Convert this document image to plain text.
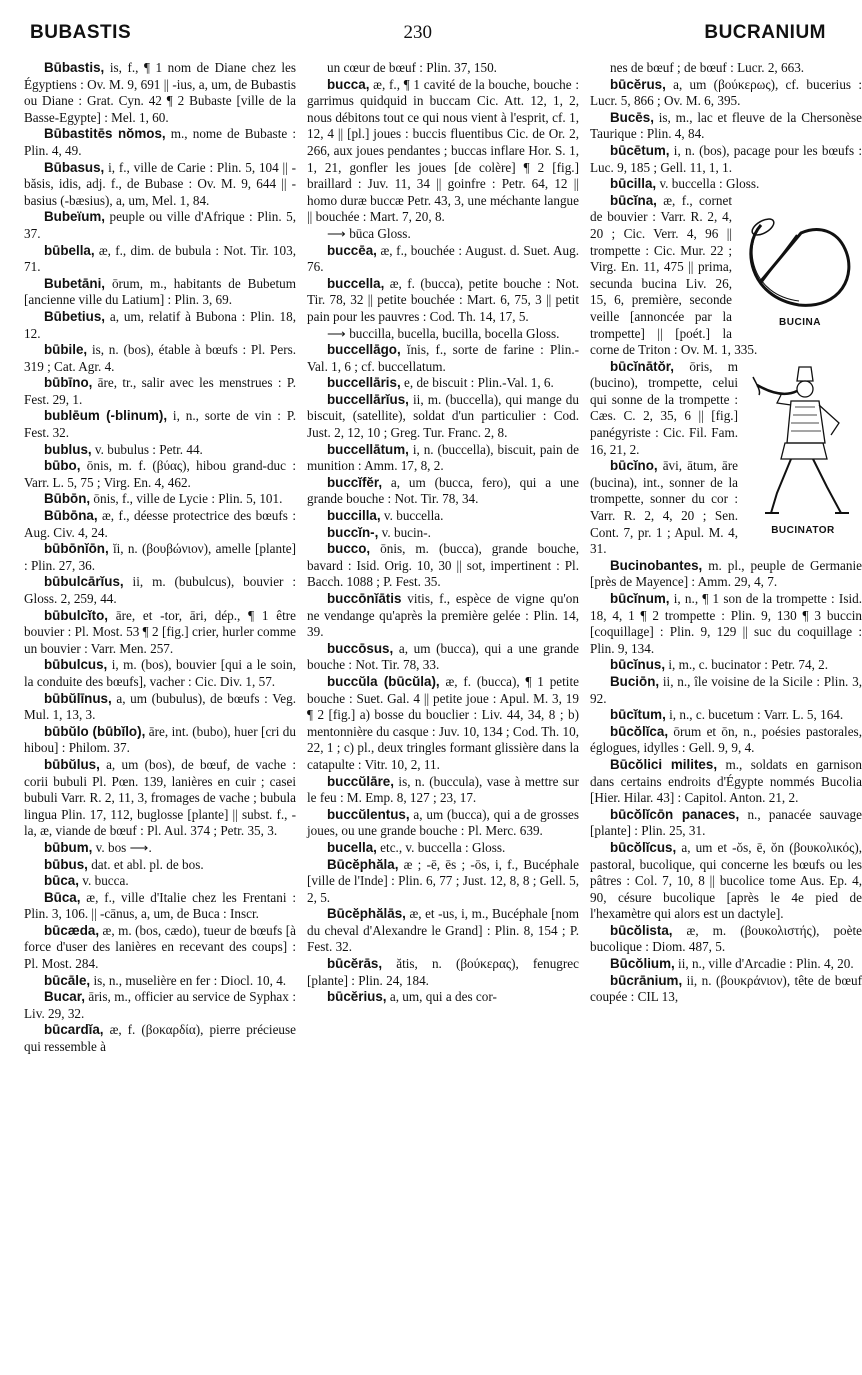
BUBASTIS	230	BUCRANIUM

Būbastis, is, f., ¶ 1 nom de Diane chez les Égyptiens : Ov. M. 9, 691 || -ius, a, um, de Bubastis ou Diane : Grat. Cyn. 42 ¶ 2 Bubaste [ville de la Basse-Egypte] : Mel. 1, 60.

Būbastitēs nŏmos, m., nome de Bubaste : Plin. 4, 49.

Būbasus, i, f., ville de Carie : Plin. 5, 104 || -băsis, idis, adj. f., de Bubase : Ov. M. 9, 644 || -basius (-bæsius), a, um, Mel. 1, 84.

Bubeïum, peuple ou ville d'Afrique : Plin. 5, 37.

būbella, æ, f., dim. de bubula : Not. Tir. 103, 71.

Bubetāni, ōrum, m., habitants de Bubetum [ancienne ville du Latium] : Plin. 3, 69.

Būbetius, a, um, relatif à Bubona : Plin. 18, 12.

būbile, is, n. (bos), étable à bœufs : Pl. Pers. 319 ; Cat. Agr. 4.

būbīno, āre, tr., salir avec les menstrues : P. Fest. 29, 1.

bublēum (-blinum), i, n., sorte de vin : P. Fest. 32.

bublus, v. bubulus : Petr. 44.

būbo, ōnis, m. f. (βύας), hibou grand-duc : Varr. L. 5, 75 ; Virg. En. 4, 462.

Būbōn, ōnis, f., ville de Lycie : Plin. 5, 101.

Būbōna, æ, f., déesse protectrice des bœufs : Aug. Civ. 4, 24.

būbōnĭōn, ĭi, n. (βουβώνιον), amelle [plante] : Plin. 27, 36.

būbulcārĭus, ii, m. (bubulcus), bouvier : Gloss. 2, 259, 44.

būbulcĭto, āre, et -tor, āri, dép., ¶ 1 être bouvier : Pl. Most. 53 ¶ 2 [fig.] crier, hurler comme un bouvier : Varr. Men. 257.

būbulcus, i, m. (bos), bouvier [qui a le soin, la conduite des bœufs], vacher : Cic. Div. 1, 57.

būbŭlīnus, a, um (bubulus), de bœufs : Veg. Mul. 1, 13, 3.

būbŭlo (būbĭlo), āre, int. (bubo), huer [cri du hibou] : Philom. 37.

būbŭlus, a, um (bos), de bœuf, de vache : corii bubuli Pl. Pœn. 139, lanières en cuir ; casei bubuli Varr. R. 2, 11, 3, fromages de vache ; bubula lingua Plin. 17, 112, buglosse [plante] || subst. f., -la, æ, viande de bœuf : Pl. Aul. 374 ; Petr. 35, 3.

būbum, v. bos ⟶.

būbus, dat. et abl. pl. de bos.

būca, v. bucca.

Būca, æ, f., ville d'Italie chez les Frentani : Plin. 3, 106. || -cānus, a, um, de Buca : Inscr.

būcæda, æ, m. (bos, cædo), tueur de bœufs [à force d'user des lanières en recevant des coups] : Pl. Most. 284.

būcāle, is, n., muselière en fer : Diocl. 10, 4.

Bucar, āris, m., officier au service de Syphax : Liv. 29, 32.

būcardĭa, æ, f. (βοκαρδία), pierre précieuse qui ressemble à

un cœur de bœuf : Plin. 37, 150.

bucca, æ, f., ¶ 1 cavité de la bouche, bouche : garrimus quidquid in buccam Cic. Att. 12, 1, 2, nous débitons tout ce qui nous vient à l'esprit, cf. 1, 12, 4 || [pl.] joues : buccis fluentibus Cic. de Or. 2, 266, aux joues pendantes ; buccas inflare Hor. S. 1, 1, 21, gonfler les joues [de colère] ¶ 2 [fig.] braillard : Juv. 11, 34 || goinfre : Petr. 64, 12 || homo duræ buccæ Petr. 43, 3, une méchante langue || bouchée : Mart. 7, 20, 8.

⟶ būca Gloss.

buccēa, æ, f., bouchée : August. d. Suet. Aug. 76.

buccella, æ, f. (bucca), petite bouche : Not. Tir. 78, 32 || petite bouchée : Mart. 6, 75, 3 || petit pain pour les pauvres : Cod. Th. 14, 17, 5.

⟶ buccilla, bucella, bucilla, bocella Gloss.

buccellāgo, ĭnis, f., sorte de farine : Plin.-Val. 1, 6 ; cf. buccellatum.

buccellāris, e, de biscuit : Plin.-Val. 1, 6.

buccellārĭus, ii, m. (buccella), qui mange du biscuit, (satellite), soldat d'un particulier : Cod. Just. 2, 12, 10 ; Greg. Tur. Franc. 2, 8.

buccellātum, i, n. (buccella), biscuit, pain de munition : Amm. 17, 8, 2.

buccĭfĕr, a, um (bucca, fero), qui a une grande bouche : Not. Tir. 78, 34.

buccilla, v. buccella.

buccĭn-, v. bucin-.

bucco, ōnis, m. (bucca), grande bouche, bavard : Isid. Orig. 10, 30 || sot, impertinent : Pl. Bacch. 1088 ; P. Fest. 35.

buccōnĭātis vitis, f., espèce de vigne qu'on ne vendange qu'après la première gelée : Plin. 14, 39.

buccōsus, a, um (bucca), qui a une grande bouche : Not. Tir. 78, 33.

buccŭla (būcŭla), æ, f. (bucca), ¶ 1 petite bouche : Suet. Gal. 4 || petite joue : Apul. M. 3, 19 ¶ 2 [fig.] a) bosse du bouclier : Liv. 44, 34, 8 ; b) mentonnière du casque : Juv. 10, 134 ; Cod. Th. 10, 22, 1 ; c) pl., deux tringles formant glissière dans la catapulte : Vitr. 10, 2, 11.

buccŭlāre, is, n. (buccula), vase à mettre sur le feu : M. Emp. 8, 127 ; 23, 17.

buccŭlentus, a, um (bucca), qui a de grosses joues, ou une grande bouche : Pl. Merc. 639.

bucella, etc., v. buccella : Gloss.

Būcĕphăla, æ ; -ē, ēs ; -ōs, i, f., Bucéphale [ville de l'Inde] : Plin. 6, 77 ; Just. 12, 8, 8 ; Gell. 5, 2, 5.

Būcĕphălās, æ, et -us, i, m., Bucéphale [nom du cheval d'Alexandre le Grand] : Plin. 8, 154 ; P. Fest. 32.

būcĕrās, ătis, n. (βούκερας), fenugrec [plante] : Plin. 24, 184.

būcĕrius, a, um, qui a des cor-

nes de bœuf ; de bœuf : Lucr. 2, 663.

būcĕrus, a, um (βούκερως), cf. bucerius : Lucr. 5, 866 ; Ov. M. 6, 395.

Bucēs, is, m., lac et fleuve de la Chersonèse Taurique : Plin. 4, 84.

būcētum, i, n. (bos), pacage pour les bœufs : Luc. 9, 185 ; Gell. 11, 1, 1.

būcilla, v. buccella : Gloss.

BUCINA

būcĭna, æ, f., cornet de bouvier : Varr. R. 2, 4, 20 ; Cic. Verr. 4, 96 || trompette : Cic. Mur. 22 ; Virg. En. 11, 475 || prima, secunda bucina Liv. 26, 15, 6, première, seconde veille [annoncée par la trompette] || [poét.] la corne de Triton : Ov. M. 1, 335.

BUCINATOR

būcĭnātŏr, ōris, m (bucino), trompette, celui qui sonne de la trompette : Cæs. C. 2, 35, 6 || [fig.] panégyriste : Cic. Fil. Fam. 16, 21, 2.

būcĭno, āvi, ātum, āre (bucina), int., sonner de la trompette, sonner du cor : Varr. R. 2, 4, 20 ; Sen. Cont. 7, pr. 1 ; Apul. M. 4, 31.

Bucinobantes, m. pl., peuple de Germanie [près de Mayence] : Amm. 29, 4, 7.

būcĭnum, i, n., ¶ 1 son de la trompette : Isid. 18, 4, 1 ¶ 2 trompette : Plin. 9, 130 ¶ 3 buccin [coquillage] : Plin. 9, 129 || suc du coquillage : Plin. 9, 134.

būcĭnus, i, m., c. bucinator : Petr. 74, 2.

Buciōn, ii, n., île voisine de la Sicile : Plin. 3, 92.

būcĭtum, i, n., c. bucetum : Varr. L. 5, 164.

būcŏlĭca, ōrum et ōn, n., poésies pastorales, églogues, idylles : Gell. 9, 9, 4.

Būcŏlici milites, m., soldats en garnison dans certains endroits d'Égypte nommés Bucolia [Hier. Hilar. 43] : Capitol. Anton. 21, 2.

būcŏlĭcōn panaces, n., panacée sauvage [plante] : Plin. 25, 31.

būcŏlĭcus, a, um et -ŏs, ē, ŏn (βουκολικός), pastoral, bucolique, qui concerne les bœufs ou les pâtres : Col. 7, 10, 8 || bucolice tome Aus. Ep. 4, 90, césure bucolique [après le 4e pied de l'hexamètre qui alors est un dactyle].

būcŏlista, æ, m. (βουκολιστής), poète bucolique : Diom. 487, 5.

Būcŏlium, ii, n., ville d'Arcadie : Plin. 4, 20.

būcrānium, ii, n. (βουκράνιον), tête de bœuf coupée : CIL 13,
